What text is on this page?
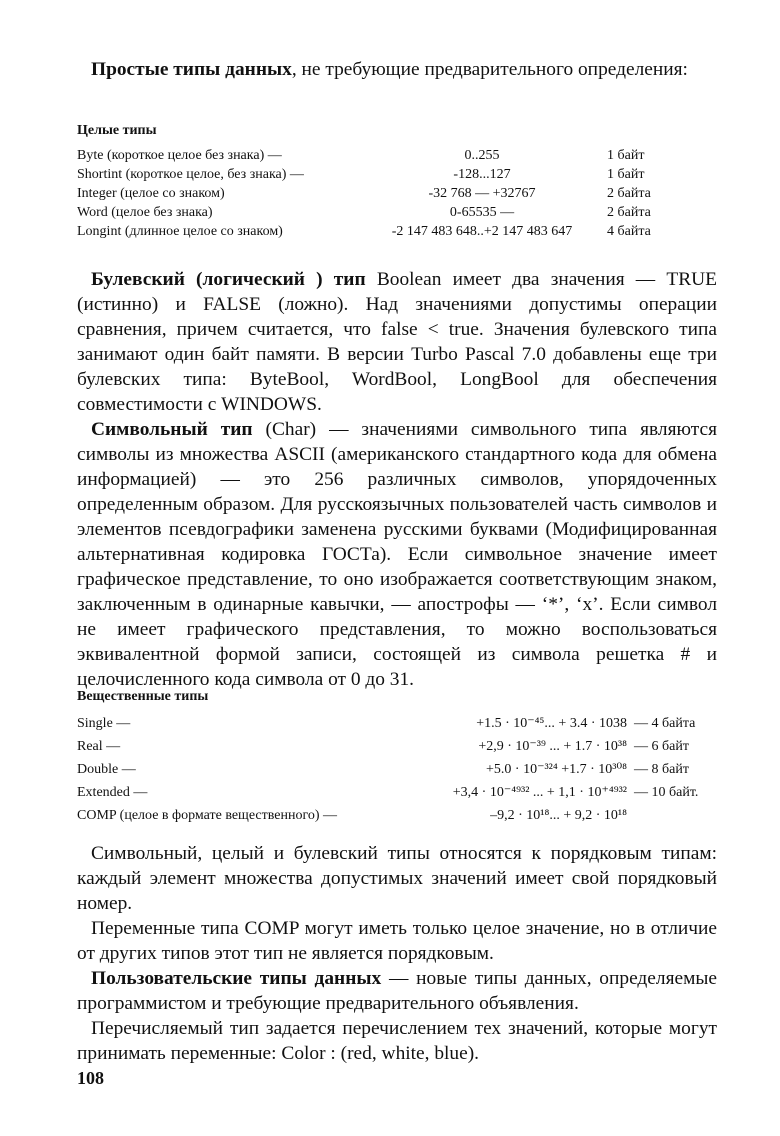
Простые типы данных, не требующие предварительного определения:

Целые типы
Byte (короткое целое без знака) —	0..255	1 байт
Shortint (короткое целое, без знака) —	-128...127	1 байт
Integer (целое со знаком)	-32 768 — +32767	2 байта
Word (целое без знака)	0-65535 —	2 байта
Longint (длинное целое со знаком)	-2 147 483 648..+2 147 483 647	4 байта

Булевский (логический ) тип Boolean имеет два значения — TRUE (истинно) и FALSE (ложно). Над значениями допустимы операции сравнения, причем считается, что false < true. Значения булевского типа занимают один байт памяти. В версии Turbo Pascal 7.0 добавлены еще три булевских типа: ByteBool, WordBool, LongBool для обеспечения совместимости с WINDOWS.

Символьный тип (Char) — значениями символьного типа являются символы из множества ASCII (американского стандартного кода для обмена информацией) — это 256 различных символов, упорядоченных определенным образом. Для русскоязычных пользователей часть символов и элементов псевдографики заменена русскими буквами (Модифицированная альтернативная кодировка ГОСТа). Если символьное значение имеет графическое представление, то оно изображается соответствующим знаком, заключенным в одинарные кавычки, — апострофы — ‘*’, ‘x’. Если символ не имеет графического представления, то можно воспользоваться эквивалентной формой записи, состоящей из символа решетка # и целочисленного кода символа от 0 до 31.

Вещественные типы
Single —	+1.5 · 10⁻⁴⁵... + 3.4 · 1038 — 4 байта
Real —	+2,9 · 10⁻³⁹ ... + 1.7 · 10³⁸ — 6 байт
Double —	+5.0 · 10⁻³²⁴ +1.7 · 10³⁰⁸ — 8 байт
Extended —	+3,4 · 10⁻⁴⁹³² ... + 1,1 · 10⁺⁴⁹³² — 10 байт.
COMP (целое в формате вещественного) —	–9,2 · 10¹⁸... + 9,2 · 10¹⁸

Символьный, целый и булевский типы относятся к порядковым типам: каждый элемент множества допустимых значений имеет свой порядковый номер.

Переменные типа COMP могут иметь только целое значение, но в отличие от других типов этот тип не является порядковым.

Пользовательские типы данных — новые типы данных, определяемые программистом и требующие предварительного объявления.

Перечисляемый тип задается перечислением тех значений, которые могут принимать переменные: Color : (red, white, blue).

108
